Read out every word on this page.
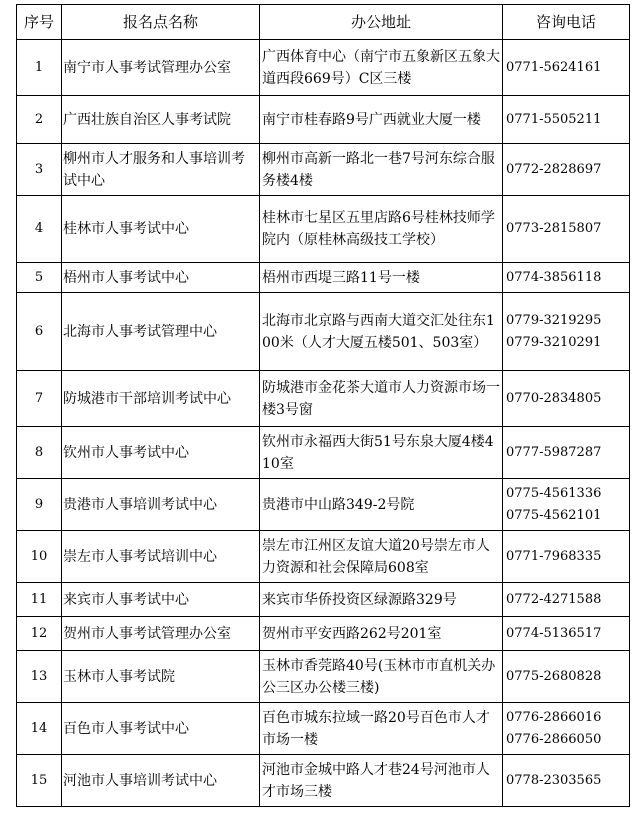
序号	报名点名称	办公地址	咨询电话
1	南宁市人事考试管理办公室	广西体育中心（南宁市五象新区五象大道西段669号）C区三楼	0771-5624161

2	广西壮族自治区人事考试院	南宁市桂春路9号广西就业大厦一楼	0771-5505211

3	柳州市人才服务和人事培训考试中心	柳州市高新一路北一巷7号河东综合服务楼4楼	0772-2828697

4	桂林市人事考试中心	桂林市七星区五里店路6号桂林技师学院内（原桂林高级技工学校）	0773-2815807

5	梧州市人事考试中心	梧州市西堤三路11号一楼	0774-3856118

6	北海市人事考试管理中心	北海市北京路与西南大道交汇处往东100米（人才大厦五楼501、503室）	0779-3219295
0779-3210291

7	防城港市干部培训考试中心	防城港市金花茶大道市人力资源市场一楼3号窗	0770-2834805

8	钦州市人事考试中心	钦州市永福西大街51号东泉大厦4楼410室	0777-5987287

9	贵港市人事培训考试中心	贵港市中山路349-2号院	0775-4561336
0775-4562101

10	崇左市人事考试培训中心	崇左市江州区友谊大道20号崇左市人力资源和社会保障局608室	0771-7968335

11	来宾市人事考试中心	来宾市华侨投资区绿源路329号	0772-4271588

12	贺州市人事考试管理办公室	贺州市平安西路262号201室	0774-5136517

13	玉林市人事考试院	玉林市香莞路40号(玉林市市直机关办公三区办公楼三楼)	0775-2680828

14	百色市人事考试中心	百色市城东拉域一路20号百色市人才市场一楼	0776-2866016
0776-2866050

15	河池市人事培训考试中心	河池市金城中路人才巷24号河池市人才市场三楼	0778-2303565
